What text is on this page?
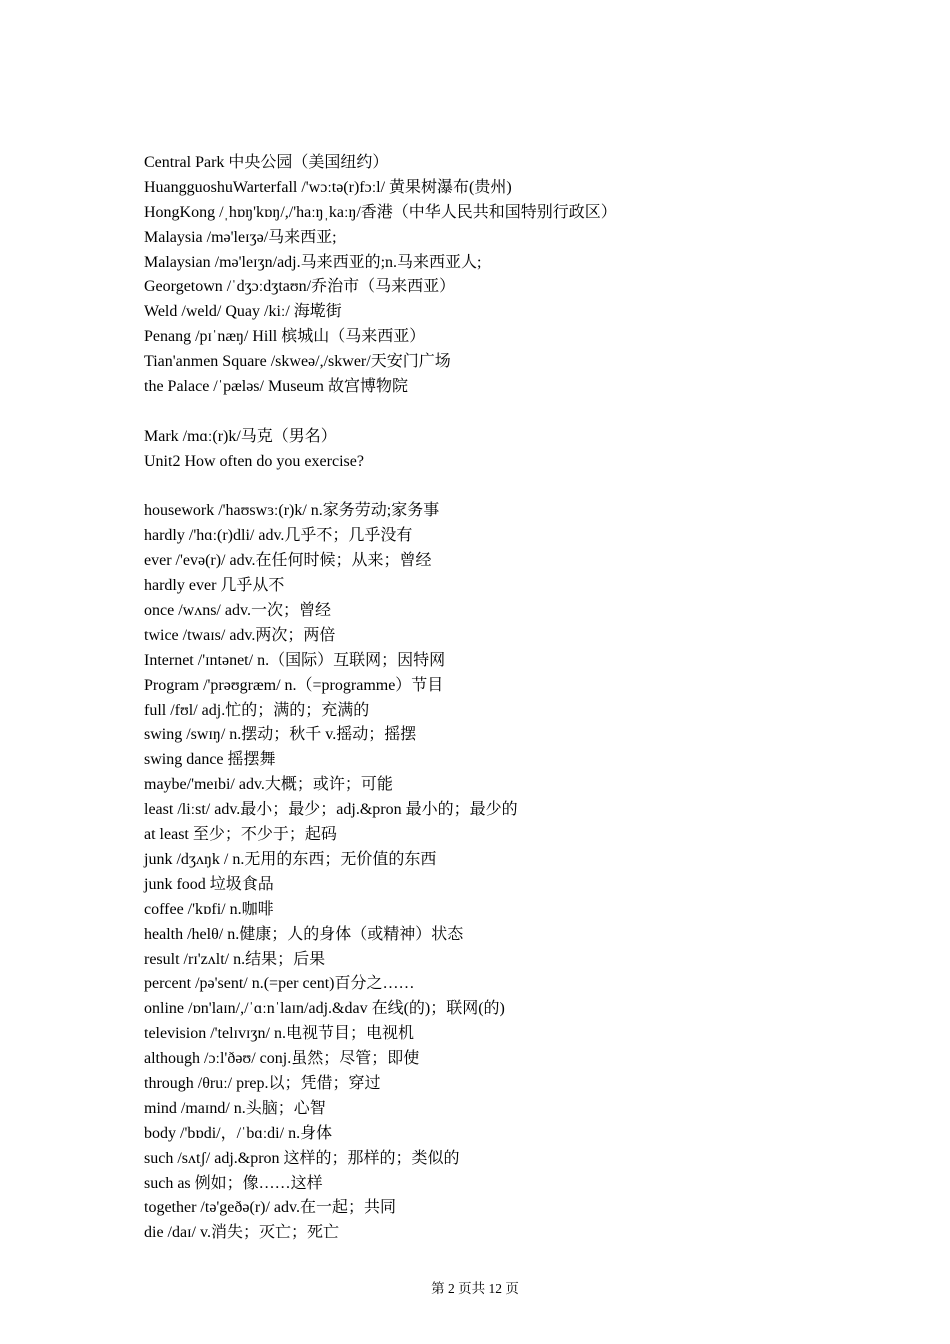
Central Park 中央公园（美国纽约）
HuangguoshuWarterfall /'wɔːtə(r)fɔːl/ 黄果树瀑布(贵州)
HongKong /ˌhɒŋ'kɒŋ/,/'haːŋˌkaːŋ/香港（中华人民共和国特别行政区）
Malaysia /mə'leɪʒə/马来西亚;
Malaysian /mə'leɪʒn/adj.马来西亚的;n.马来西亚人;
Georgetown /ˈdʒɔːdʒtaʊn/乔治市（马来西亚）
Weld /weld/ Quay /kiː/ 海墘街
Penang /pɪˈnæŋ/ Hill 槟城山（马来西亚）
Tian'anmen Square /skweə/,/skwer/天安门广场
the Palace /ˈpæləs/ Museum 故宫博物院
Mark /mɑː(r)k/马克（男名）
Unit2 How often do you exercise?
housework /'haʊswɜː(r)k/ n.家务劳动;家务事
hardly /'hɑː(r)dli/ adv.几乎不；几乎没有
ever /'evə(r)/ adv.在任何时候；从来；曾经
hardly ever 几乎从不
once /wʌns/ adv.一次；曾经
twice /twaɪs/ adv.两次；两倍
Internet /'ɪntənet/ n.（国际）互联网；因特网
Program /'prəʊgræm/ n.（=programme）节目
full /fʊl/ adj.忙的；满的；充满的
swing /swɪŋ/ n.摆动；秋千 v.摇动；摇摆
swing dance 摇摆舞
maybe/'meɪbi/ adv.大概；或许；可能
least /liːst/ adv.最小；最少；adj.&pron 最小的；最少的
at least 至少；不少于；起码
junk /dʒʌŋk / n.无用的东西；无价值的东西
junk food 垃圾食品
coffee /'kɒfi/ n.咖啡
health /helθ/ n.健康；人的身体（或精神）状态
result /rɪ'zʌlt/ n.结果；后果
percent /pə'sent/ n.(=per cent)百分之……
online /ɒn'laɪn/,/ˈɑːnˈlaɪn/adj.&dav 在线(的)；联网(的)
television /'telɪvɪʒn/ n.电视节目；电视机
although /ɔːl'ðəʊ/ conj.虽然；尽管；即使
through /θruː/ prep.以；凭借；穿过
mind /maɪnd/ n.头脑；心智
body /'bɒdi/，/ˈbɑːdi/ n.身体
such /sʌtʃ/ adj.&pron 这样的；那样的；类似的
such as 例如；像……这样
together /tə'geðə(r)/ adv.在一起；共同
die /daɪ/ v.消失；灭亡；死亡
第 2 页共 12 页
